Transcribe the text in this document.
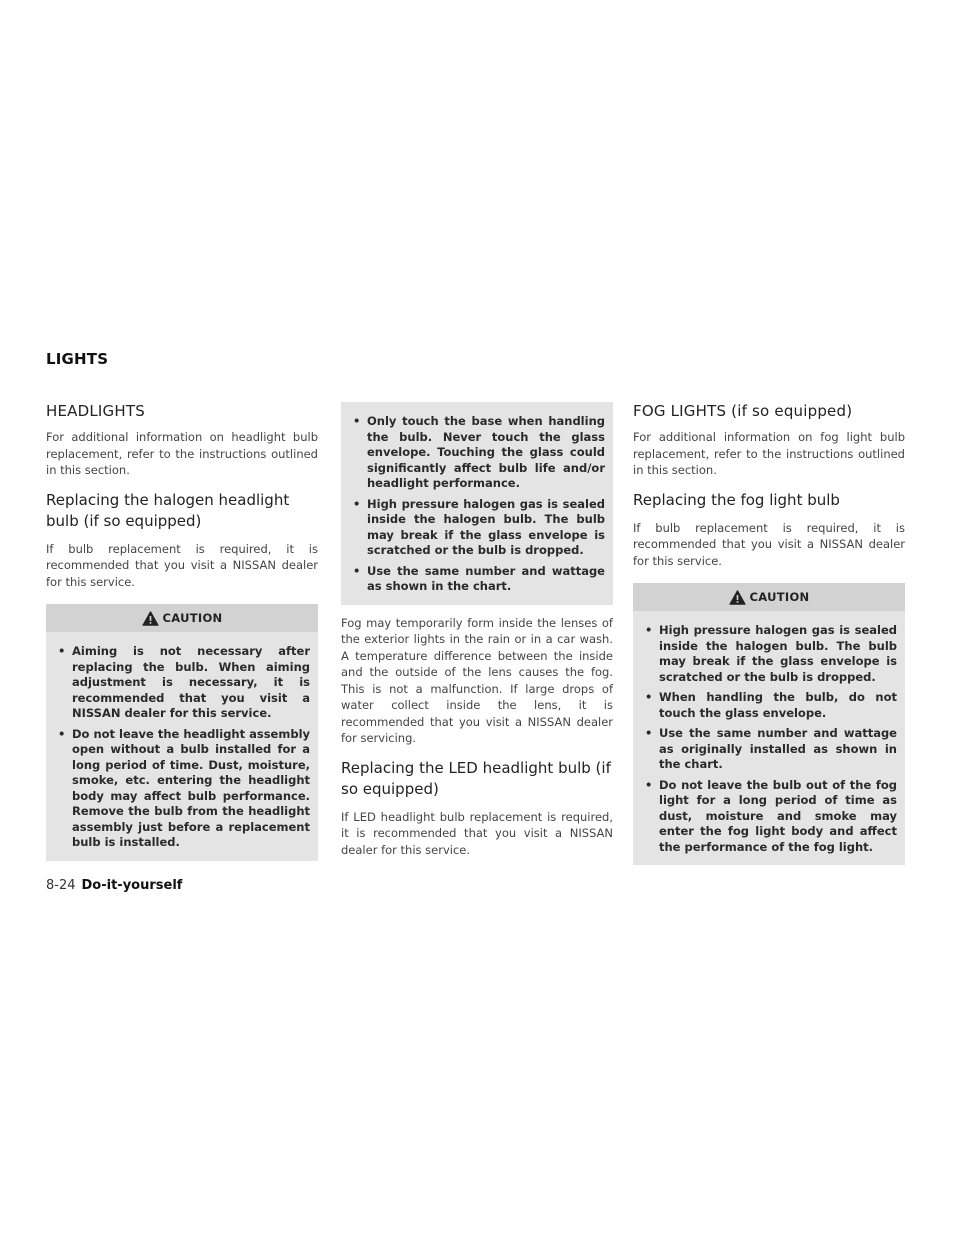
LIGHTS
HEADLIGHTS

For additional information on headlight bulb replacement, refer to the instructions outlined in this section.

Replacing the halogen headlight bulb (if so equipped)

If bulb replacement is required, it is recommended that you visit a NISSAN dealer for this service.

CAUTION
• Aiming is not necessary after replacing the bulb. When aiming adjustment is necessary, it is recommended that you visit a NISSAN dealer for this service.
• Do not leave the headlight assembly open without a bulb installed for a long period of time. Dust, moisture, smoke, etc. entering the headlight body may affect bulb performance. Remove the bulb from the headlight assembly just before a replacement bulb is installed.
• Only touch the base when handling the bulb. Never touch the glass envelope. Touching the glass could significantly affect bulb life and/or headlight performance.
• High pressure halogen gas is sealed inside the halogen bulb. The bulb may break if the glass envelope is scratched or the bulb is dropped.
• Use the same number and wattage as shown in the chart.

Fog may temporarily form inside the lenses of the exterior lights in the rain or in a car wash. A temperature difference between the inside and the outside of the lens causes the fog. This is not a malfunction. If large drops of water collect inside the lens, it is recommended that you visit a NISSAN dealer for servicing.

Replacing the LED headlight bulb (if so equipped)

If LED headlight bulb replacement is required, it is recommended that you visit a NISSAN dealer for this service.

FOG LIGHTS (if so equipped)

For additional information on fog light bulb replacement, refer to the instructions outlined in this section.

Replacing the fog light bulb

If bulb replacement is required, it is recommended that you visit a NISSAN dealer for this service.

CAUTION
• High pressure halogen gas is sealed inside the halogen bulb. The bulb may break if the glass envelope is scratched or the bulb is dropped.
• When handling the bulb, do not touch the glass envelope.
• Use the same number and wattage as originally installed as shown in the chart.
• Do not leave the bulb out of the fog light for a long period of time as dust, moisture and smoke may enter the fog light body and affect the performance of the fog light.
8-24 Do-it-yourself
